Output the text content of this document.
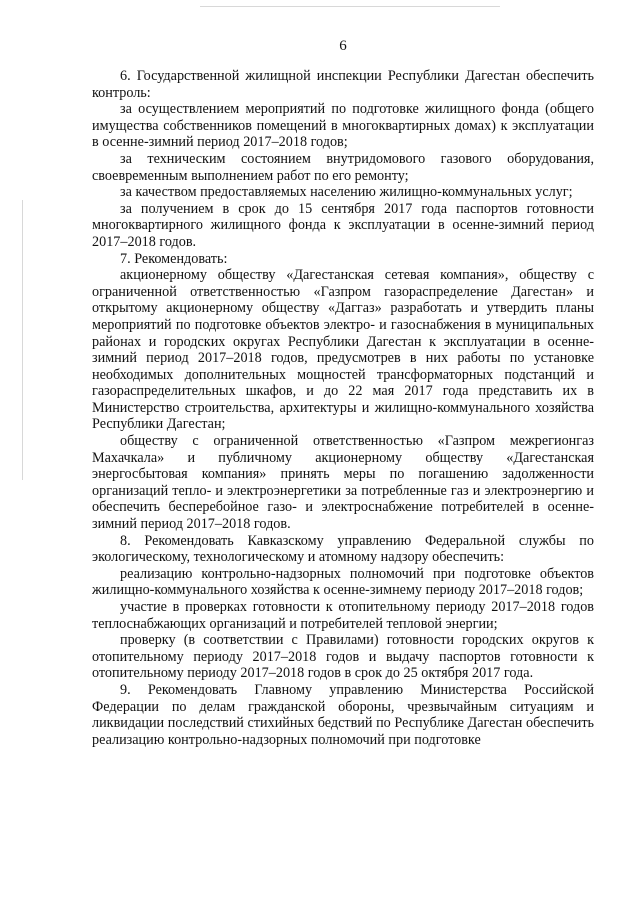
6

6. Государственной жилищной инспекции Республики Дагестан обеспечить контроль:

за осуществлением мероприятий по подготовке жилищного фонда (общего имущества собственников помещений в многоквартирных домах) к эксплуатации в осенне-зимний период 2017–2018 годов;

за техническим состоянием внутридомового газового оборудования, своевременным выполнением работ по его ремонту;

за качеством предоставляемых населению жилищно-коммунальных услуг;

за получением в срок до 15 сентября 2017 года паспортов готовности многоквартирного жилищного фонда к эксплуатации в осенне-зимний период 2017–2018 годов.

7. Рекомендовать:

акционерному обществу «Дагестанская сетевая компания», обществу с ограниченной ответственностью «Газпром газораспределение Дагестан» и открытому акционерному обществу «Даггаз» разработать и утвердить планы мероприятий по подготовке объектов электро- и газоснабжения в муниципальных районах и городских округах Республики Дагестан к эксплуатации в осенне-зимний период 2017–2018 годов, предусмотрев в них работы по установке необходимых дополнительных мощностей трансформаторных подстанций и газораспределительных шкафов, и до 22 мая 2017 года представить их в Министерство строительства, архитектуры и жилищно-коммунального хозяйства Республики Дагестан;

обществу с ограниченной ответственностью «Газпром межрегионгаз Махачкала» и публичному акционерному обществу «Дагестанская энергосбытовая компания» принять меры по погашению задолженности организаций тепло- и электроэнергетики за потребленные газ и электроэнергию и обеспечить бесперебойное газо- и электроснабжение потребителей в осенне-зимний период 2017–2018 годов.

8. Рекомендовать Кавказскому управлению Федеральной службы по экологическому, технологическому и атомному надзору обеспечить:

реализацию контрольно-надзорных полномочий при подготовке объектов жилищно-коммунального хозяйства к осенне-зимнему периоду 2017–2018 годов;

участие в проверках готовности к отопительному периоду 2017–2018 годов теплоснабжающих организаций и потребителей тепловой энергии;

проверку (в соответствии с Правилами) готовности городских округов к отопительному периоду 2017–2018 годов и выдачу паспортов готовности к отопительному периоду 2017–2018 годов в срок до 25 октября 2017 года.

9. Рекомендовать Главному управлению Министерства Российской Федерации по делам гражданской обороны, чрезвычайным ситуациям и ликвидации последствий стихийных бедствий по Республике Дагестан обеспечить реализацию контрольно-надзорных полномочий при подготовке
